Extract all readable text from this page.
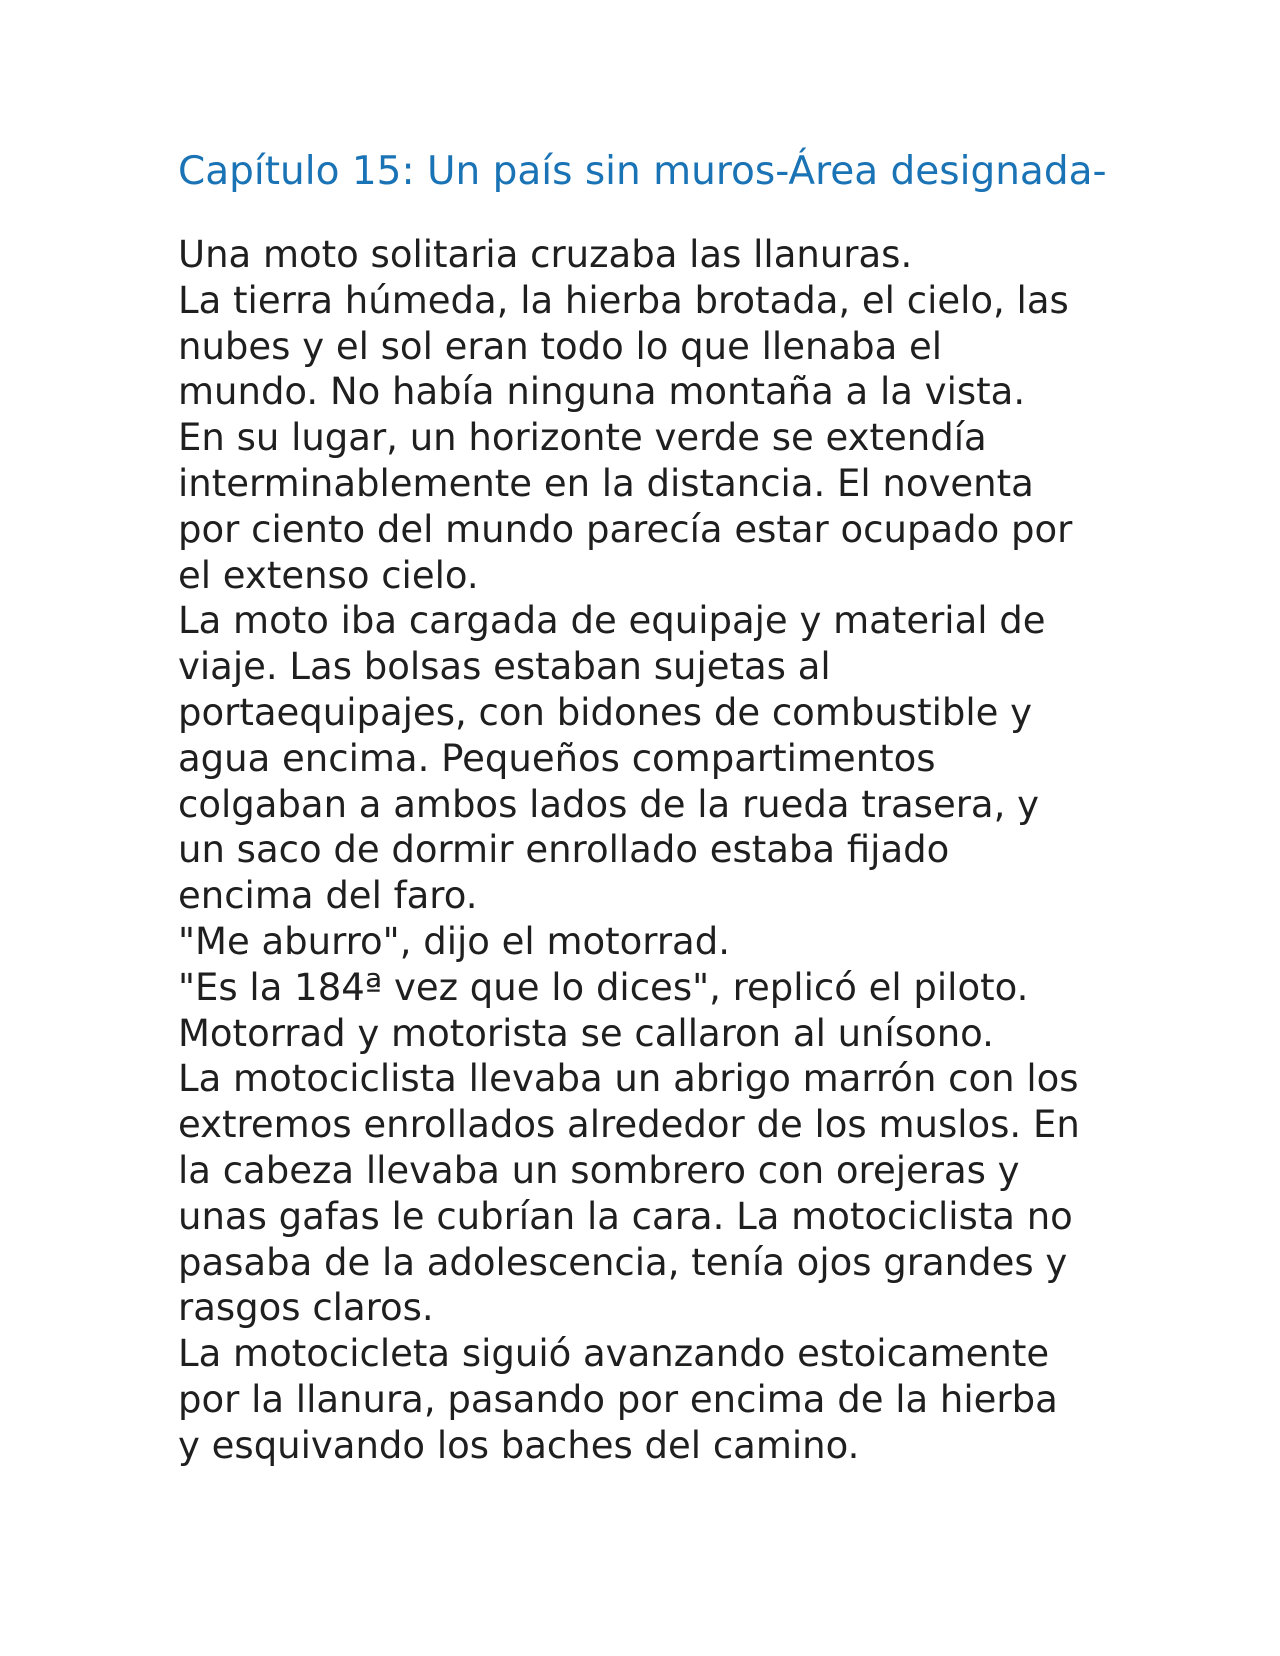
Capítulo 15: Un país sin muros-Área designada-
Una moto solitaria cruzaba las llanuras.
La tierra húmeda, la hierba brotada, el cielo, las
nubes y el sol eran todo lo que llenaba el
mundo. No había ninguna montaña a la vista.
En su lugar, un horizonte verde se extendía
interminablemente en la distancia. El noventa
por ciento del mundo parecía estar ocupado por
el extenso cielo.
La moto iba cargada de equipaje y material de
viaje. Las bolsas estaban sujetas al
portaequipajes, con bidones de combustible y
agua encima. Pequeños compartimentos
colgaban a ambos lados de la rueda trasera, y
un saco de dormir enrollado estaba fijado
encima del faro.
"Me aburro", dijo el motorrad.
"Es la 184ª vez que lo dices", replicó el piloto.
Motorrad y motorista se callaron al unísono.
La motociclista llevaba un abrigo marrón con los
extremos enrollados alrededor de los muslos. En
la cabeza llevaba un sombrero con orejeras y
unas gafas le cubrían la cara. La motociclista no
pasaba de la adolescencia, tenía ojos grandes y
rasgos claros.
La motocicleta siguió avanzando estoicamente
por la llanura, pasando por encima de la hierba
y esquivando los baches del camino.
